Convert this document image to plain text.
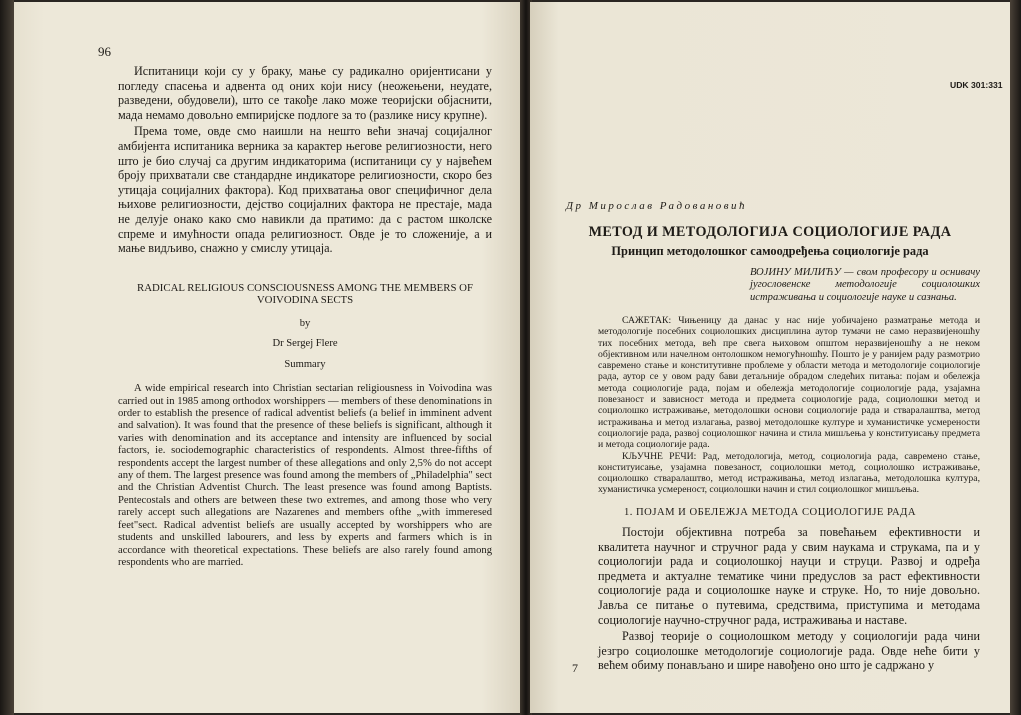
96

Испитаници који су у браку, мање су радикално оријентисани у погледу спасења и адвента од оних који нису (неожењени, неудате, разведени, обудовели), што се такође лако може теоријски објаснити, мада немамо довољно емпиријске подлоге за то (разлике нису крупне).

Према томе, овде смо наишли на нешто већи значај социјалног амбијента испитаника верника за карактер његове религиозности, него што је био случај са другим индикаторима (испитаници су у највећем броју прихватали све стандардне индикаторе религиозности, скоро без утицаја социјалних фактора). Код прихватања овог специфичног дела њихове религиозности, дејство социјалних фактора не престаје, мада не делује онако како смо навикли да пратимо: да с растом школске спреме и имућности опада религиозност. Овде је то сложеније, а и мање видљиво, снажно у смислу утицаја.

RADICAL RELIGIOUS CONSCIOUSNESS AMONG THE MEMBERS OF VOIVODINA SECTS

by

Dr Sergej Flere

Summary

A wide empirical research into Christian sectarian religiousness in Voivodina was carried out in 1985 among orthodox worshippers — members of these denominations in order to establish the presence of radical adventist beliefs (a belief in imminent advent and salvation). It was found that the presence of these beliefs is significant, although it varies with denomination and its acceptance and intensity are influenced by social factors, ie. sociodemographic characteristics of respondents. Almost three-fifths of respondents accept the largest number of these allegations and only 2,5% do not accept any of them. The largest presence was found among the members of „Philadelphia" sect and the Christian Adventist Church. The least presence was found among Baptists. Pentecostals and others are between these two extremes, and among those who very rarely accept such allegations are Nazarenes and members ofthe „with immeresed feet"sect. Radical adventist beliefs are usually accepted by worshippers who are students and unskilled labourers, and less by experts and farmers which is in accordance with theoretical expectations. These beliefs are also rarely found among respondents who are married.

UDK 301:331
Др Мирослав Радовановић
МЕТОД И МЕТОДОЛОГИЈА СОЦИОЛОГИЈЕ РАДА
Принцип методолошког самоодређења социологије рада
ВОЈИНУ МИЛИЋУ — свом професору и оснивачу југословенске методологије социолошких истраживања и социологије науке и сазнања.

САЖЕТАК: Чињеницу да данас у нас није уобичајено разматрање метода и методологије посебних социолошких дисциплина аутор тумачи не само неразвијеношћу тих посебних метода, већ пре свега њиховом општом неразвијеношћу а не неком објективном или начелном онтолошком немогућношћу. Пошто је у ранијем раду размотрио савремено стање и конститутивне проблеме у области метода и методологије социологије рада, аутор се у овом раду бави детаљније обрадом следећих питања: појам и обележја метода социологије рада, појам и обележја методологије социологије рада, узајамна повезаност и зависност метода и предмета социологије рада, социолошки метод и социолошко истраживање, методолошки основи социологије рада и стваралаштва, метод истраживања и метод излагања, развој методолошке културе и хуманистичке усмерености социологије рада, развој социолошког начина и стила мишљења у конституисању предмета и метода социологије рада.

КЉУЧНЕ РЕЧИ: Рад, методологија, метод, социологија рада, савремено стање, конституисање, узајамна повезаност, социолошки метод, социолошко истраживање, социолошко стваралаштво, метод истраживања, метод излагања, методолошка култура, хуманистичка усмереност, социолошки начин и стил социолошког мишљења.

1. ПОЈАМ И ОБЕЛЕЖЈА МЕТОДА СОЦИОЛОГИЈЕ РАДА

Постоји објективна потреба за повећањем ефективности и квалитета научног и стручног рада у свим наукама и струкама, па и у социологији рада и социолошкој науци и струци. Развој и одређа предмета и актуалне тематике чини предуслов за раст ефективности социологије рада и социолошке науке и струке. Но, то није довољно. Јавља се питање о путевима, средствима, приступима и методама социологије научно-стручног рада, истраживања и наставе.

Развој теорије о социолошком методу у социологији рада чини језгро социолошке методологије социологије рада. Овде неће бити у већем обиму понављано и шире навођено оно што је садржано у

7
